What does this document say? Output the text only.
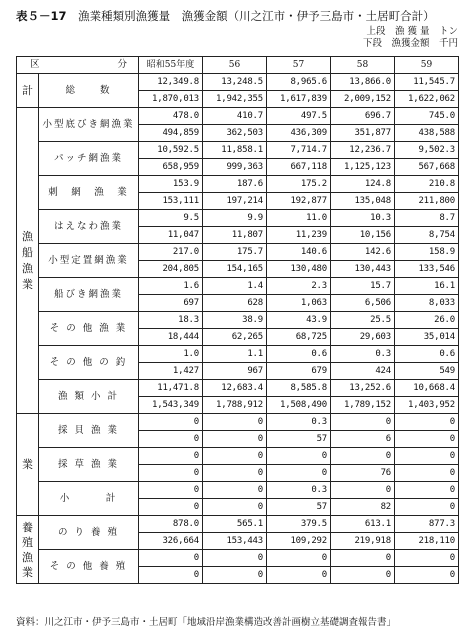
表５－17 漁業種類別漁獲量　漁獲金額（川之江市・伊予三島市・土居町合計）
上段　漁 獲 量　トン
下段　漁獲金額　千円
区 分		昭和55年度	56	57	58	59
計	総　　数	12,349.8	13,248.5	8,965.6	13,866.0	11,545.7
		1,870,013	1,942,355	1,617,839	2,009,152	1,622,062

漁
船
漁
業	小型底びき網漁業	478.0	410.7	497.5	696.7	745.0
		494,859	362,503	436,309	351,877	438,588
	パッチ網漁業	10,592.5	11,858.1	7,714.7	12,236.7	9,502.3
		658,959	999,363	667,118	1,125,123	567,668
	刺　網　漁　業	153.9	187.6	175.2	124.8	210.8
		153,111	197,214	192,877	135,048	211,800
	はえなわ漁業	9.5	9.9	11.0	10.3	8.7
		11,047	11,807	11,239	10,156	8,754
	小型定置網漁業	217.0	175.7	140.6	142.6	158.9
		204,805	154,165	130,480	130,443	133,546
	船びき網漁業	1.6	1.4	2.3	15.7	16.1
		697	628	1,063	6,506	8,033
	そ の 他 漁 業	18.3	38.9	43.9	25.5	26.0
		18,444	62,265	68,725	29,603	35,014
	そ の 他 の 釣	1.0	1.1	0.6	0.3	0.6
		1,427	967	679	424	549
	漁 類 小 計	11,471.8	12,683.4	8,585.8	13,252.6	10,668.4
		1,543,349	1,788,912	1,508,490	1,789,152	1,403,952

業	採 貝 漁 業	0	0	0.3	0	0
		0	0	57	6	0
	採 草 漁 業	0	0	0	0	0
		0	0	0	76	0
	小　　　計	0	0	0.3	0	0
		0	0	57	82	0

養
殖
漁
業	の り 養 殖	878.0	565.1	379.5	613.1	877.3
		326,664	153,443	109,292	219,918	218,110
	そ の 他 養 殖	0	0	0	0	0
		0	0	0	0	0
資料：川之江市・伊予三島市・土居町「地域沿岸漁業構造改善計画樹立基礎調査報告書」
